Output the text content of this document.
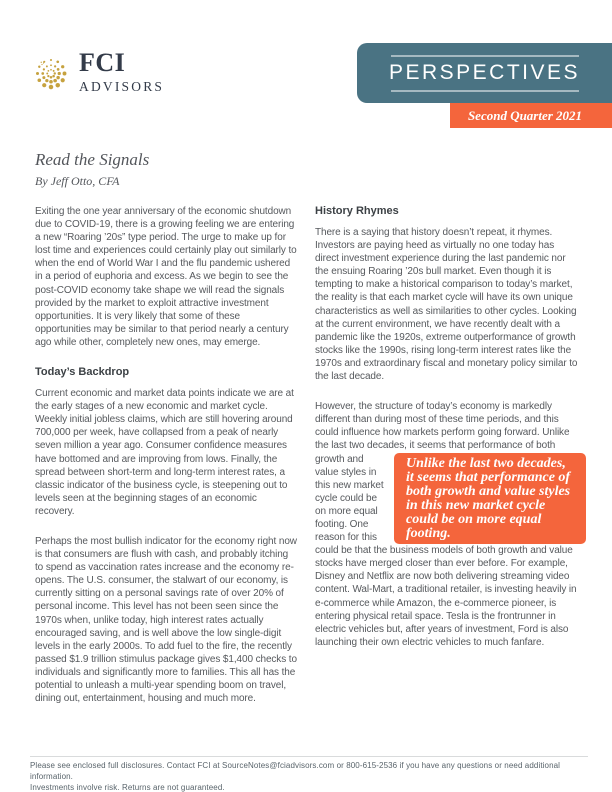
FCI
ADVISORS
PERSPECTIVES
Second Quarter 2021
Read the Signals
By Jeff Otto, CFA

Exiting the one year anniversary of the economic shutdown due to COVID-19, there is a growing feeling we are entering a new “Roaring ’20s” type period. The urge to make up for lost time and experiences could certainly play out similarly to when the end of World War I and the flu pandemic ushered in a period of euphoria and excess. As we begin to see the post-COVID economy take shape we will read the signals provided by the market to exploit attractive investment opportunities. It is very likely that some of these opportunities may be similar to that period nearly a century ago while other, completely new ones, may emerge.

Today’s Backdrop

Current economic and market data points indicate we are at the early stages of a new economic and market cycle. Weekly initial jobless claims, which are still hovering around 700,000 per week, have collapsed from a peak of nearly seven million a year ago. Consumer confidence measures have bottomed and are improving from lows. Finally, the spread between short-term and long-term interest rates, a classic indicator of the business cycle, is steepening out to levels seen at the beginning stages of an economic recovery.

Perhaps the most bullish indicator for the economy right now is that consumers are flush with cash, and probably itching to spend as vaccination rates increase and the economy re-opens. The U.S. consumer, the stalwart of our economy, is currently sitting on a personal savings rate of over 20% of personal income. This level has not been seen since the 1970s when, unlike today, high interest rates actually encouraged saving, and is well above the low single-digit levels in the early 2000s. To add fuel to the fire, the recently passed $1.9 trillion stimulus package gives $1,400 checks to individuals and significantly more to families. This all has the potential to unleash a multi-year spending boom on travel, dining out, entertainment, housing and much more.

History Rhymes

There is a saying that history doesn’t repeat, it rhymes. Investors are paying heed as virtually no one today has direct investment experience during the last pandemic nor the ensuing Roaring ’20s bull market. Even though it is tempting to make a historical comparison to today’s market, the reality is that each market cycle will have its own unique characteristics as well as similarities to other cycles. Looking at the current environment, we have recently dealt with a pandemic like the 1920s, extreme outperformance of growth stocks like the 1990s, rising long-term interest rates like the 1970s and extraordinary fiscal and monetary policy similar to the last decade.

However, the structure of today’s economy is markedly different than during most of these time periods, and this could influence how markets perform going forward. Unlike the last two decades, it seems that performance
Unlike the last two decades, it seems that performance of both growth and value styles in this new market cycle could be on more equal footing.
of both growth and value styles in this new market cycle could be on more equal footing. One reason for this could be that the business models of both growth and value stocks have merged closer than ever before. For example, Disney and Netflix are now both delivering streaming video content. Wal-Mart, a traditional retailer, is investing heavily in e-commerce while Amazon, the e-commerce pioneer, is entering physical retail space. Tesla is the frontrunner in electric vehicles but, after years of investment, Ford is also launching their own electric vehicles to much fanfare.

Please see enclosed full disclosures. Contact FCI at SourceNotes@fciadvisors.com or 800-615-2536 if you have any questions or need additional information.
Investments involve risk. Returns are not guaranteed.
